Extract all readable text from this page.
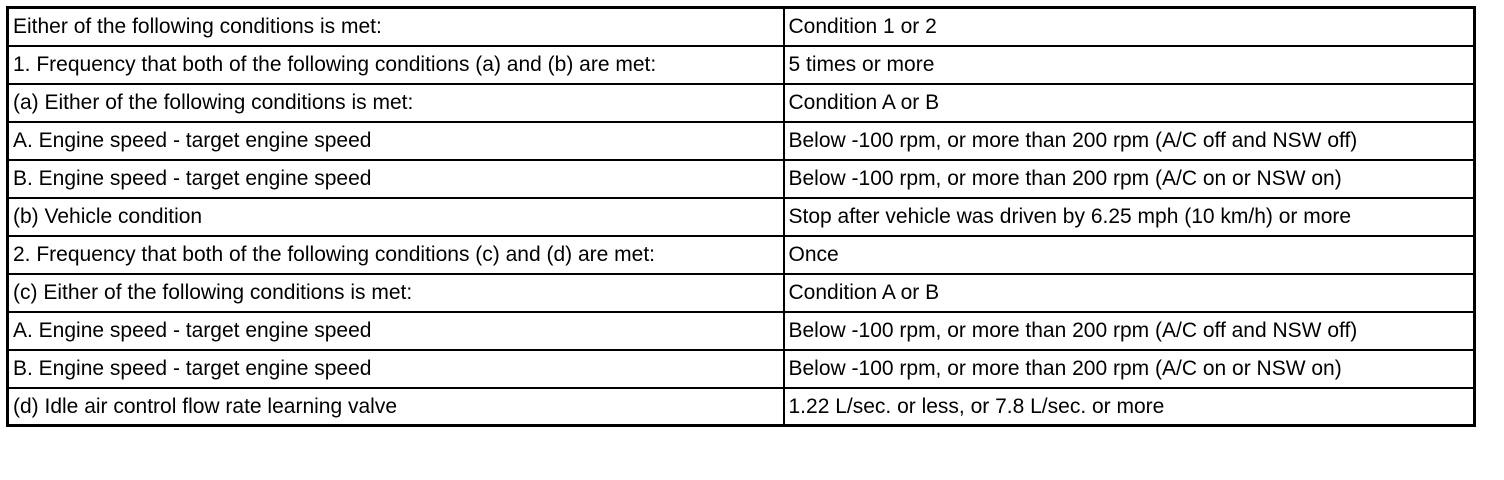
Either of the following conditions is met:	Condition 1 or 2
1. Frequency that both of the following conditions (a) and (b) are met:	5 times or more
(a) Either of the following conditions is met:	Condition A or B
A. Engine speed - target engine speed	Below -100 rpm, or more than 200 rpm (A/C off and NSW off)
B. Engine speed - target engine speed	Below -100 rpm, or more than 200 rpm (A/C on or NSW on)
(b) Vehicle condition	Stop after vehicle was driven by 6.25 mph (10 km/h) or more
2. Frequency that both of the following conditions (c) and (d) are met:	Once
(c) Either of the following conditions is met:	Condition A or B
A. Engine speed - target engine speed	Below -100 rpm, or more than 200 rpm (A/C off and NSW off)
B. Engine speed - target engine speed	Below -100 rpm, or more than 200 rpm (A/C on or NSW on)
(d) Idle air control flow rate learning valve	1.22 L/sec. or less, or 7.8 L/sec. or more
